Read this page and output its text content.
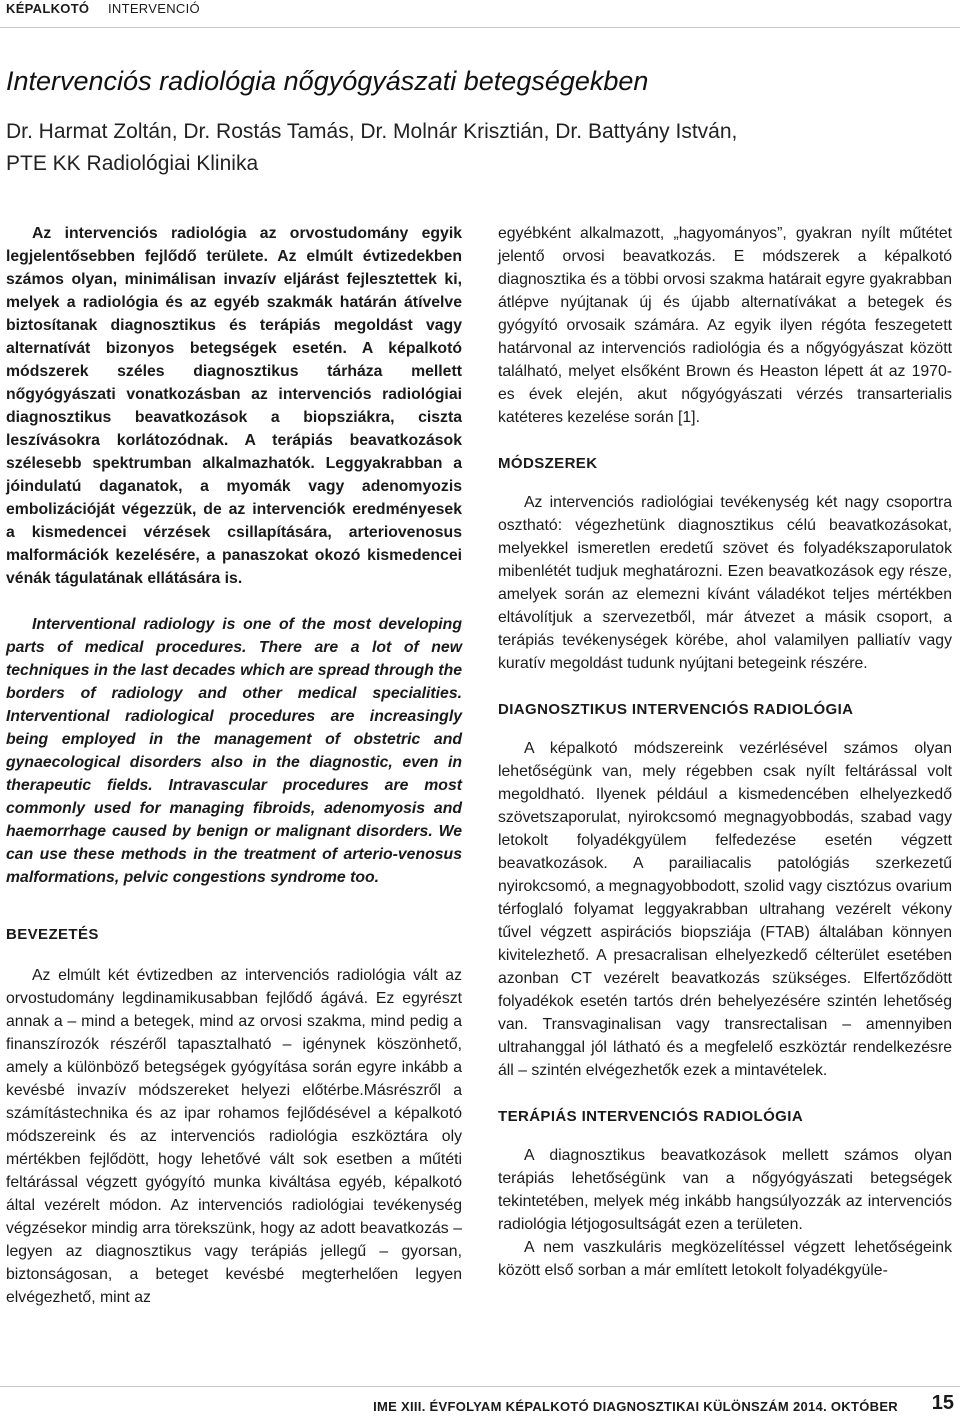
KÉPALKOTÓ INTERVENCIÓ
Intervenciós radiológia nőgyógyászati betegségekben
Dr. Harmat Zoltán, Dr. Rostás Tamás, Dr. Molnár Krisztián, Dr. Battyány István,
PTE KK Radiológiai Klinika

Az intervenciós radiológia az orvostudomány egyik legjelentősebben fejlődő területe. Az elmúlt évtizedekben számos olyan, minimálisan invazív eljárást fejlesztettek ki, melyek a radiológia és az egyéb szakmák határán átívelve biztosítanak diagnosztikus és terápiás megoldást vagy alternatívát bizonyos betegségek esetén. A képalkotó módszerek széles diagnosztikus tárháza mellett nőgyógyászati vonatkozásban az intervenciós radiológiai diagnosztikus beavatkozások a biopsziákra, ciszta leszívásokra korlátozódnak. A terápiás beavatkozások szélesebb spektrumban alkalmazhatók. Leggyakrabban a jóindulatú daganatok, a myomák vagy adenomyozis embolizációját végezzük, de az intervenciók eredményesek a kismedencei vérzések csillapítására, arteriovenosus malformációk kezelésére, a panaszokat okozó kismedencei vénák tágulatának ellátására is.

Interventional radiology is one of the most developing parts of medical procedures. There are a lot of new techniques in the last decades which are spread through the borders of radiology and other medical specialities. Interventional radiological procedures are increasingly being employed in the management of obstetric and gynaecological disorders also in the diagnostic, even in therapeutic fields. Intravascular procedures are most commonly used for managing fibroids, adenomyosis and haemorrhage caused by benign or malignant disorders. We can use these methods in the treatment of arterio-venosus malformations, pelvic congestions syndrome too.

BEVEZETÉS

Az elmúlt két évtizedben az intervenciós radiológia vált az orvostudomány legdinamikusabban fejlődő ágává. Ez egyrészt annak a – mind a betegek, mind az orvosi szakma, mind pedig a finanszírozók részéről tapasztalható – igénynek köszönhető, amely a különböző betegségek gyógyítása során egyre inkább a kevésbé invazív módszereket helyezi előtérbe.Másrészről a számítástechnika és az ipar rohamos fejlődésével a képalkotó módszereink és az intervenciós radiológia eszköztára oly mértékben fejlődött, hogy lehetővé vált sok esetben a műtéti feltárással végzett gyógyító munka kiváltása egyéb, képalkotó által vezérelt módon. Az intervenciós radiológiai tevékenység végzésekor mindig arra törekszünk, hogy az adott beavatkozás – legyen az diagnosztikus vagy terápiás jellegű – gyorsan, biztonságosan, a beteget kevésbé megterhelően legyen elvégezhető, mint az

egyébként alkalmazott, „hagyományos”, gyakran nyílt műtétet jelentő orvosi beavatkozás. E módszerek a képalkotó diagnosztika és a többi orvosi szakma határait egyre gyakrabban átlépve nyújtanak új és újabb alternatívákat a betegek és gyógyító orvosaik számára. Az egyik ilyen régóta feszegetett határvonal az intervenciós radiológia és a nőgyógyászat között található, melyet elsőként Brown és Heaston lépett át az 1970-es évek elején, akut nőgyógyászati vérzés transarterialis katéteres kezelése során [1].

MÓDSZEREK

Az intervenciós radiológiai tevékenység két nagy csoportra osztható: végezhetünk diagnosztikus célú beavatkozásokat, melyekkel ismeretlen eredetű szövet és folyadékszaporulatok mibenlétét tudjuk meghatározni. Ezen beavatkozások egy része, amelyek során az elemezni kívánt váladékot teljes mértékben eltávolítjuk a szervezetből, már átvezet a másik csoport, a terápiás tevékenységek körébe, ahol valamilyen palliatív vagy kuratív megoldást tudunk nyújtani betegeink részére.

DIAGNOSZTIKUS INTERVENCIÓS RADIOLÓGIA

A képalkotó módszereink vezérlésével számos olyan lehetőségünk van, mely régebben csak nyílt feltárással volt megoldható. Ilyenek például a kismedencében elhelyezkedő szövetszaporulat, nyirokcsomó megnagyobbodás, szabad vagy letokolt folyadékgyülem felfedezése esetén végzett beavatkozások. A parailiacalis patológiás szerkezetű nyirokcsomó, a megnagyobbodott, szolid vagy cisztózus ovarium térfoglaló folyamat leggyakrabban ultrahang vezérelt vékony tűvel végzett aspirációs biopsziája (FTAB) általában könnyen kivitelezhető. A presacralisan elhelyezkedő célterület esetében azonban CT vezérelt beavatkozás szükséges. Elfertőződött folyadékok esetén tartós drén behelyezésére szintén lehetőség van. Transvaginalisan vagy transrectalisan – amennyiben ultrahanggal jól látható és a megfelelő eszköztár rendelkezésre áll – szintén elvégezhetők ezek a mintavételek.

TERÁPIÁS INTERVENCIÓS RADIOLÓGIA

A diagnosztikus beavatkozások mellett számos olyan terápiás lehetőségünk van a nőgyógyászati betegségek tekintetében, melyek még inkább hangsúlyozzák az intervenciós radiológia létjogosultságát ezen a területen.

A nem vaszkuláris megközelítéssel végzett lehetőségeink között első sorban a már említett letokolt folyadékgyüle-

IME XIII. ÉVFOLYAM KÉPALKOTÓ DIAGNOSZTIKAI KÜLÖNSZÁM 2014. OKTÓBER 15
